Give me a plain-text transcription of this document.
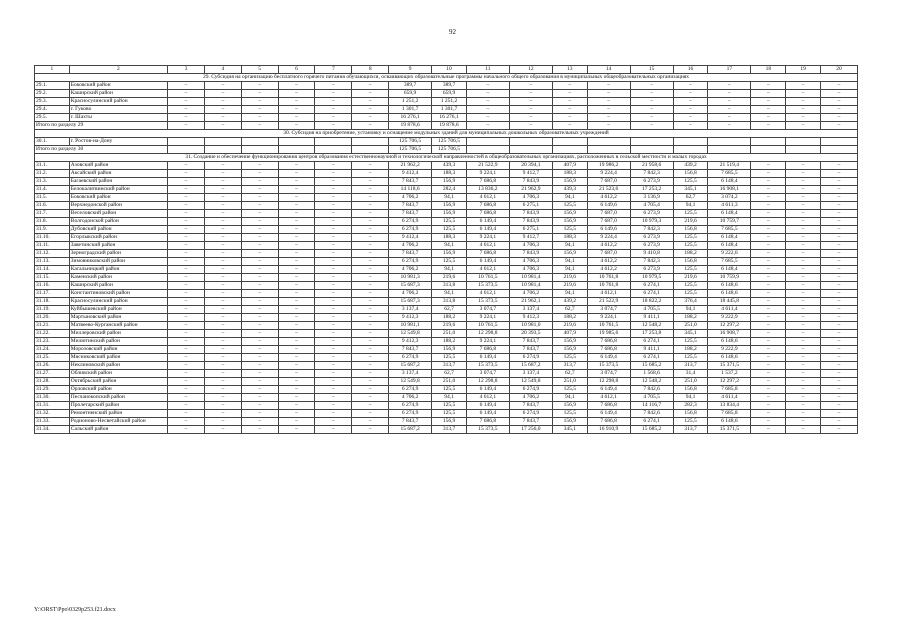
92
1	2	3	4	5	6	7	8	9	10	11	12	13	14	15	16	17	18	19	20
29. Субсидия на организацию бесплатного горячего питания обучающихся, осваивающих образовательные программы начального общего образования в муниципальных общеобразовательных организациях																			
29.1.	Боковский район	–	–	–	–	–	–	389,7	389,7	–	–	–	–	–	–	–	–	–	–
29.2.	Каширский район	–	–	–	–	–	–	659,9	659,9	–	–	–	–	–	–	–	–	–	–
29.3.	Красносулинский район	–	–	–	–	–	–	1 251,2	1 251,2	–	–	–	–	–	–	–	–	–	–
29.4.	г. Гуково	–	–	–	–	–	–	1 301,7	1 301,7	–	–	–	–	–	–	–	–	–	–
29.5.	г. Шахты	–	–	–	–	–	–	16 276,1	16 276,1	–	–	–	–	–	–	–	–	–	–
Итого по разделу 29		–	–	–	–	–	–	19 878,6	19 878,6	–	–	–	–	–	–	–	–	–	–
30. Субсидия на приобретение, установку и оснащение модульных зданий для муниципальных дошкольных образовательных учреждений																			
30.1.	г. Ростов-на-Дону							125 706,5	125 706,5										
Итого по разделу 30								125 706,5	125 706,5										
31. Создание и обеспечение функционирования центров образования естественнонаучной и технологической направленностей в общеобразовательных организациях, расположенных в сельской местности и малых городах																			
31.1.	Азовский район	–	–	–	–	–	–	21 962,2	439,3	21 522,9	20 394,1	407,9	19 986,2	21 958,6	439,2	21 519,4	–	–	–
31.2.	Аксайский район	–	–	–	–	–	–	9 412,4	188,3	9 224,1	9 412,7	188,3	9 224,4	7 842,3	156,8	7 685,5	–	–	–
31.3.	Багаевский район	–	–	–	–	–	–	7 843,7	156,9	7 686,8	7 843,9	156,9	7 687,0	6 273,9	125,5	6 148,4	–	–	–
31.4.	Белокалитвинский район	–	–	–	–	–	–	14 118,6	282,4	13 836,2	21 962,9	439,3	21 523,6	17 253,2	345,1	16 908,1	–	–	–
31.5.	Боковский район	–	–	–	–	–	–	4 706,2	94,1	4 612,1	4 706,3	94,1	4 612,2	3 136,9	62,7	3 074,2	–	–	–
31.6.	Верхнедонской район	–	–	–	–	–	–	7 843,7	156,9	7 686,8	6 275,1	125,5	6 149,6	4 705,4	94,1	4 611,3	–	–	–
31.7.	Веселовский район	–	–	–	–	–	–	7 843,7	156,9	7 686,8	7 843,9	156,9	7 687,0	6 273,9	125,5	6 148,4	–	–	–
31.8.	Волгодонской район	–	–	–	–	–	–	6 274,9	125,5	6 149,4	7 843,9	156,9	7 687,0	10 979,3	219,6	10 759,7	–	–	–
31.9.	Дубовский район	–	–	–	–	–	–	6 274,9	125,5	6 149,4	6 275,1	125,5	6 149,6	7 842,3	156,8	7 685,5	–	–	–
31.10.	Егорлыкский район	–	–	–	–	–	–	9 412,4	188,3	9 224,1	9 412,7	188,3	9 224,4	6 273,9	125,5	6 148,4	–	–	–
31.11.	Заветинский район	–	–	–	–	–	–	4 706,2	94,1	4 612,1	4 706,3	94,1	4 612,2	6 273,9	125,5	6 148,4	–	–	–
31.12.	Зерноградский район	–	–	–	–	–	–	7 843,7	156,9	7 686,8	7 843,9	156,9	7 687,0	9 410,8	188,2	9 222,6	–	–	–
31.13.	Зимовниковский район	–	–	–	–	–	–	6 274,9	125,5	6 149,4	4 706,3	94,1	4 612,2	7 842,3	156,8	7 685,5	–	–	–
31.14.	Кагальницкий район	–	–	–	–	–	–	4 706,2	94,1	4 612,1	4 706,3	94,1	4 612,2	6 273,9	125,5	6 148,4	–	–	–
31.15.	Каменский район	–	–	–	–	–	–	10 981,3	219,6	10 761,5	10 981,4	219,6	10 761,8	10 979,5	219,6	10 759,9	–	–	–
31.16.	Каширский район	–	–	–	–	–	–	15 687,3	313,8	15 373,5	10 981,4	219,6	10 761,8	6 274,1	125,5	6 148,6	–	–	–
31.17.	Константиновский район	–	–	–	–	–	–	4 706,2	94,1	4 612,1	4 706,2	94,1	4 612,1	6 274,1	125,5	6 148,6	–	–	–
31.18.	Красносулинский район	–	–	–	–	–	–	15 687,3	313,8	15 373,5	21 962,1	439,2	21 522,9	18 822,2	376,4	18 445,8	–	–	–
31.19.	Куйбышевский район	–	–	–	–	–	–	3 137,4	62,7	3 074,7	3 137,4	62,7	3 074,7	4 705,5	94,1	4 611,4	–	–	–
31.20.	Мартыновский район	–	–	–	–	–	–	9 412,3	188,2	9 224,1	9 412,3	188,2	9 224,1	9 411,1	188,2	9 222,9	–	–	–
31.21.	Матвеево-Курганский район	–	–	–	–	–	–	10 981,1	219,6	10 761,5	10 981,0	219,6	10 761,5	12 548,2	251,0	12 297,2	–	–	–
31.22.	Миллеровский район	–	–	–	–	–	–	12 549,8	251,0	12 298,8	20 393,5	407,9	19 985,6	17 253,8	345,1	16 908,7	–	–	–
31.23.	Милютинский район	–	–	–	–	–	–	9 412,3	188,2	9 224,1	7 843,7	156,9	7 686,8	6 274,1	125,5	6 148,6	–	–	–
31.24.	Морозовский район	–	–	–	–	–	–	7 843,7	156,9	7 686,8	7 843,7	156,9	7 686,8	9 411,1	188,2	9 222,9	–	–	–
31.25.	Мясниковский район	–	–	–	–	–	–	6 274,9	125,5	6 149,4	6 274,9	125,5	6 149,4	6 274,1	125,5	6 148,6	–	–	–
31.26.	Неклиновский район	–	–	–	–	–	–	15 687,2	313,7	15 373,5	15 687,2	313,7	15 373,5	15 685,2	313,7	15 371,5	–	–	–
31.27.	Обливский район	–	–	–	–	–	–	3 137,4	62,7	3 074,7	3 137,4	62,7	3 074,7	1 568,6	31,4	1 537,2	–	–	–
31.28.	Октябрьский район	–	–	–	–	–	–	12 549,8	251,0	12 298,8	12 549,8	251,0	12 298,8	12 548,2	251,0	12 297,2	–	–	–
31.29.	Орловский район	–	–	–	–	–	–	6 274,9	125,5	6 149,4	6 274,9	125,5	6 149,4	7 842,6	156,8	7 685,8	–	–	–
31.30.	Песчанокопский район	–	–	–	–	–	–	4 706,2	94,1	4 612,1	4 706,2	94,1	4 612,1	4 705,5	94,1	4 611,4	–	–	–
31.31.	Пролетарский район	–	–	–	–	–	–	6 274,9	125,5	6 149,4	7 843,7	156,9	7 686,8	14 116,7	282,3	13 834,4	–	–	–
31.32.	Ремонтненский район	–	–	–	–	–	–	6 274,9	125,5	6 149,4	6 274,9	125,5	6 149,4	7 842,6	156,8	7 685,8	–	–	–
31.33.	Родионово-Несветайский район	–	–	–	–	–	–	7 843,7	156,9	7 686,8	7 843,7	156,9	7 686,8	6 274,1	125,5	6 148,6	–	–	–
31.34.	Сальский район	–	–	–	–	–	–	15 687,2	313,7	15 373,5	17 256,0	345,1	16 910,9	15 685,2	313,7	15 371,5	–	–	–
Y:\ORST\Ppo\0329p253.f21.docx
